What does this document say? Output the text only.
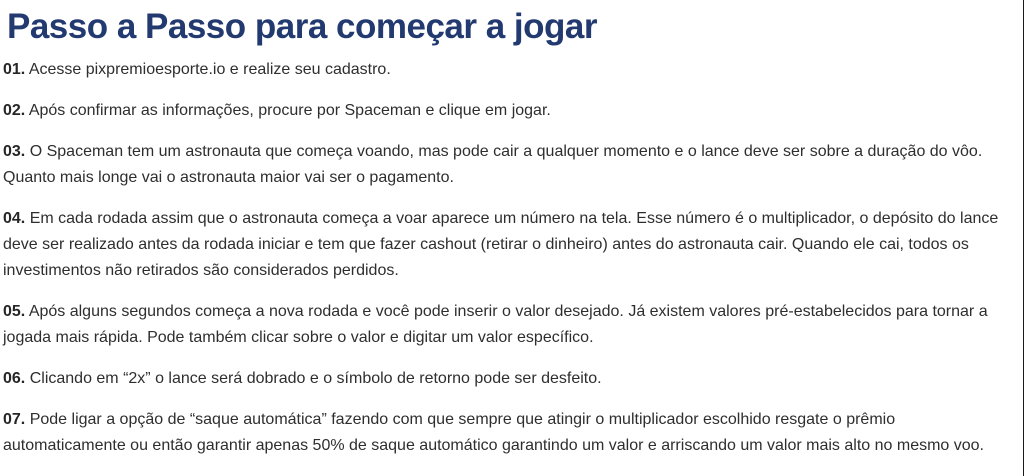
Passo a Passo para começar a jogar

01. Acesse pixpremioesporte.io e realize seu cadastro.

02. Após confirmar as informações, procure por Spaceman e clique em jogar.

03. O Spaceman tem um astronauta que começa voando, mas pode cair a qualquer momento e o lance deve ser sobre a duração do vôo. Quanto mais longe vai o astronauta maior vai ser o pagamento.

04. Em cada rodada assim que o astronauta começa a voar aparece um número na tela. Esse número é o multiplicador, o depósito do lance deve ser realizado antes da rodada iniciar e tem que fazer cashout (retirar o dinheiro) antes do astronauta cair. Quando ele cai, todos os investimentos não retirados são considerados perdidos.

05. Após alguns segundos começa a nova rodada e você pode inserir o valor desejado. Já existem valores pré-estabelecidos para tornar a jogada mais rápida. Pode também clicar sobre o valor e digitar um valor específico.

06. Clicando em “2x” o lance será dobrado e o símbolo de retorno pode ser desfeito.

07. Pode ligar a opção de “saque automática” fazendo com que sempre que atingir o multiplicador escolhido resgate o prêmio automaticamente ou então garantir apenas 50% de saque automático garantindo um valor e arriscando um valor mais alto no mesmo voo.
